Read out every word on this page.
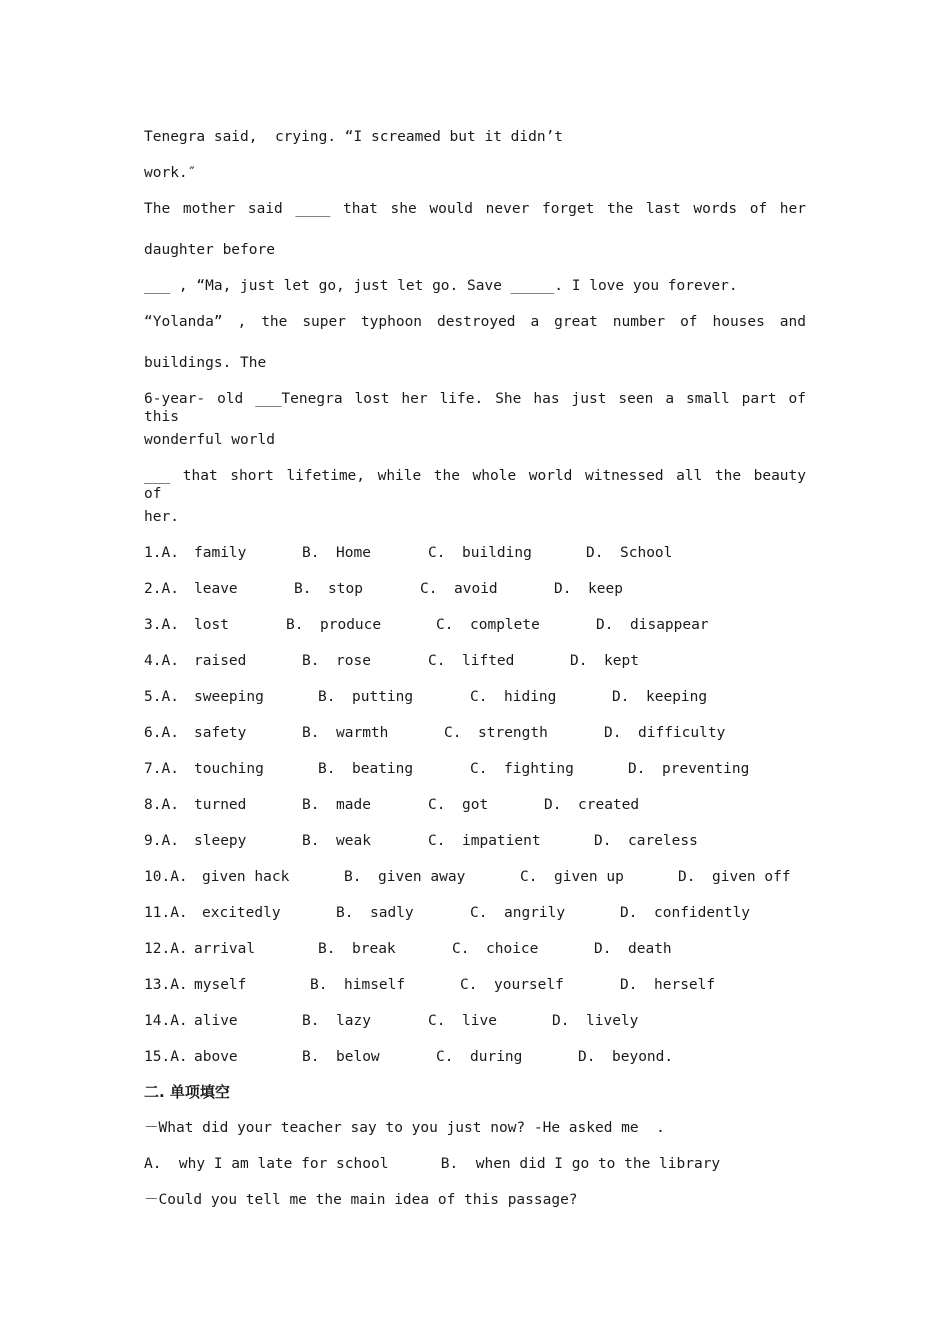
Tenegra said,  crying. “I screamed but it didn’t
work.″
The mother said ____ that she would never forget the last words of her
daughter before
___ , “Ma, just let go, just let go. Save _____. I love you forever.
“Yolanda” , the super typhoon destroyed a great number of houses and
buildings. The
6-year- old ___Tenegra lost her life. She has just seen a small part of this
wonderful world
___ that short lifetime, while the whole world witnessed all the beauty of
her.
1.A. family	B. Home	C. building	D. School
2.A. leave	B. stop	C. avoid	D. keep
3.A. lost	B. produce	C. complete	D. disappear
4.A. raised	B. rose	C. lifted	D. kept
5.A. sweeping	B. putting	C. hiding	D. keeping
6.A. safety	B. warmth	C. strength	D. difficulty
7.A. touching	B. beating	C. fighting	D. preventing
8.A. turned	B. made	C. got	D. created
9.A. sleepy	B. weak	C. impatient	D. careless
10.A. given hack	B. given away	C. given up	D. given off
11.A. excitedly	B. sadly	C. angrily	D. confidently
12.A. arrival	B. break	C. choice	D. death
13.A. myself	B. himself	C. yourself	D. herself
14.A. alive	B. lazy	C. live	D. lively
15.A. above	B. below	C. during	D. beyond.
二. 单项填空
－What did your teacher say to you just now? -He asked me  .
A.  why I am late for school      B.  when did I go to the library
－Could you tell me the main idea of this passage?
